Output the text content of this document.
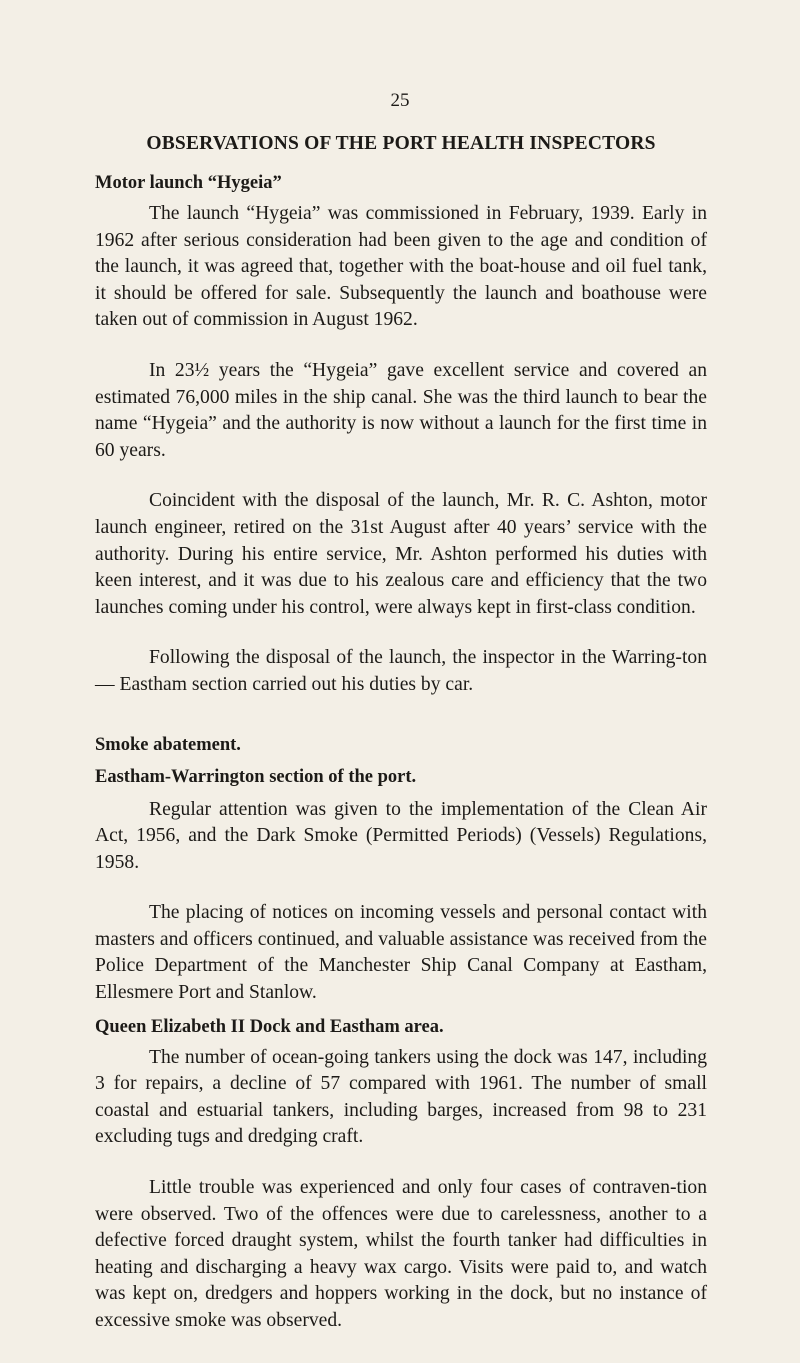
25
OBSERVATIONS OF THE PORT HEALTH INSPECTORS
Motor launch “Hygeia”

The launch “Hygeia” was commissioned in February, 1939. Early in 1962 after serious consideration had been given to the age and condition of the launch, it was agreed that, together with the boat-house and oil fuel tank, it should be offered for sale. Subsequently the launch and boathouse were taken out of commission in August 1962.

In 23½ years the “Hygeia” gave excellent service and covered an estimated 76,000 miles in the ship canal. She was the third launch to bear the name “Hygeia” and the authority is now without a launch for the first time in 60 years.

Coincident with the disposal of the launch, Mr. R. C. Ashton, motor launch engineer, retired on the 31st August after 40 years’ service with the authority. During his entire service, Mr. Ashton performed his duties with keen interest, and it was due to his zealous care and efficiency that the two launches coming under his control, were always kept in first-class condition.

Following the disposal of the launch, the inspector in the Warring-ton — Eastham section carried out his duties by car.

Smoke abatement.
Eastham-Warrington section of the port.

Regular attention was given to the implementation of the Clean Air Act, 1956, and the Dark Smoke (Permitted Periods) (Vessels) Regulations, 1958.

The placing of notices on incoming vessels and personal contact with masters and officers continued, and valuable assistance was received from the Police Department of the Manchester Ship Canal Company at Eastham, Ellesmere Port and Stanlow.

Queen Elizabeth II Dock and Eastham area.

The number of ocean-going tankers using the dock was 147, including 3 for repairs, a decline of 57 compared with 1961. The number of small coastal and estuarial tankers, including barges, increased from 98 to 231 excluding tugs and dredging craft.

Little trouble was experienced and only four cases of contraven-tion were observed. Two of the offences were due to carelessness, another to a defective forced draught system, whilst the fourth tanker had difficulties in heating and discharging a heavy wax cargo. Visits were paid to, and watch was kept on, dredgers and hoppers working in the dock, but no instance of excessive smoke was observed.
